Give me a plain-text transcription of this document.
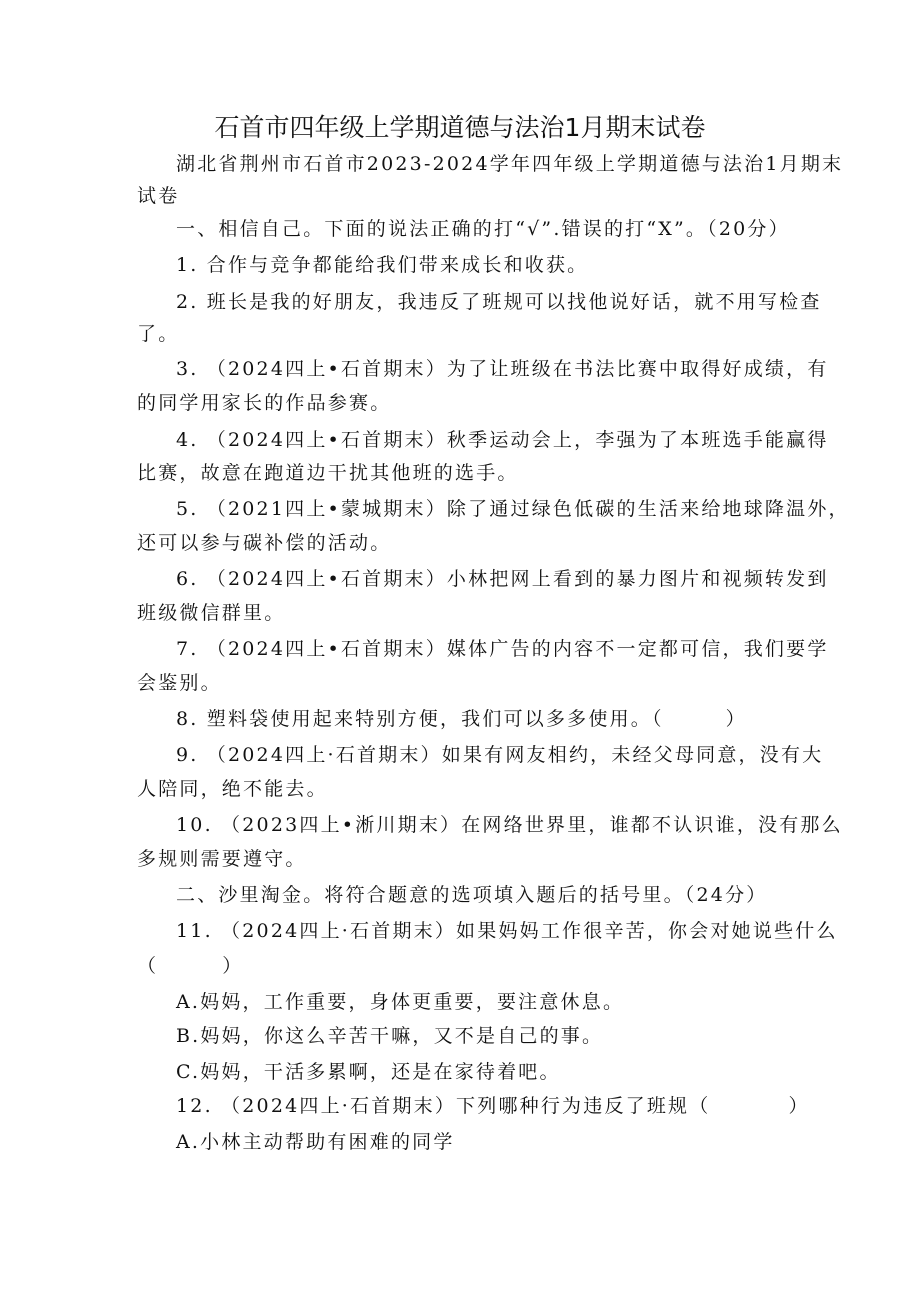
石首市四年级上学期道德与法治1月期末试卷
湖北省荆州市石首市2023-2024学年四年级上学期道德与法治1月期末
试卷
一、相信自己。下面的说法正确的打“√”.错误的打“X”。（20分）
1. 合作与竞争都能给我们带来成长和收获。
2. 班长是我的好朋友，我违反了班规可以找他说好话，就不用写检查
了。
3. （2024四上•石首期末）为了让班级在书法比赛中取得好成绩，有
的同学用家长的作品参赛。
4. （2024四上•石首期末）秋季运动会上，李强为了本班选手能赢得
比赛，故意在跑道边干扰其他班的选手。
5. （2021四上•蒙城期末）除了通过绿色低碳的生活来给地球降温外，
还可以参与碳补偿的活动。
6. （2024四上•石首期末）小林把网上看到的暴力图片和视频转发到
班级微信群里。
7. （2024四上•石首期末）媒体广告的内容不一定都可信，我们要学
会鉴别。
8. 塑料袋使用起来特别方便，我们可以多多使用。（	）
9. （2024四上·石首期末）如果有网友相约，未经父母同意，没有大
人陪同，绝不能去。
10. （2023四上•淅川期末）在网络世界里，谁都不认识谁，没有那么
多规则需要遵守。
二、沙里淘金。将符合题意的选项填入题后的括号里。（24分）
11. （2024四上·石首期末）如果妈妈工作很辛苦，你会对她说些什么
（	）
A.妈妈，工作重要，身体更重要，要注意休息。
B.妈妈，你这么辛苦干嘛，又不是自己的事。
C.妈妈，干活多累啊，还是在家待着吧。
12. （2024四上·石首期末）下列哪种行为违反了班规（	）
A.小林主动帮助有困难的同学
